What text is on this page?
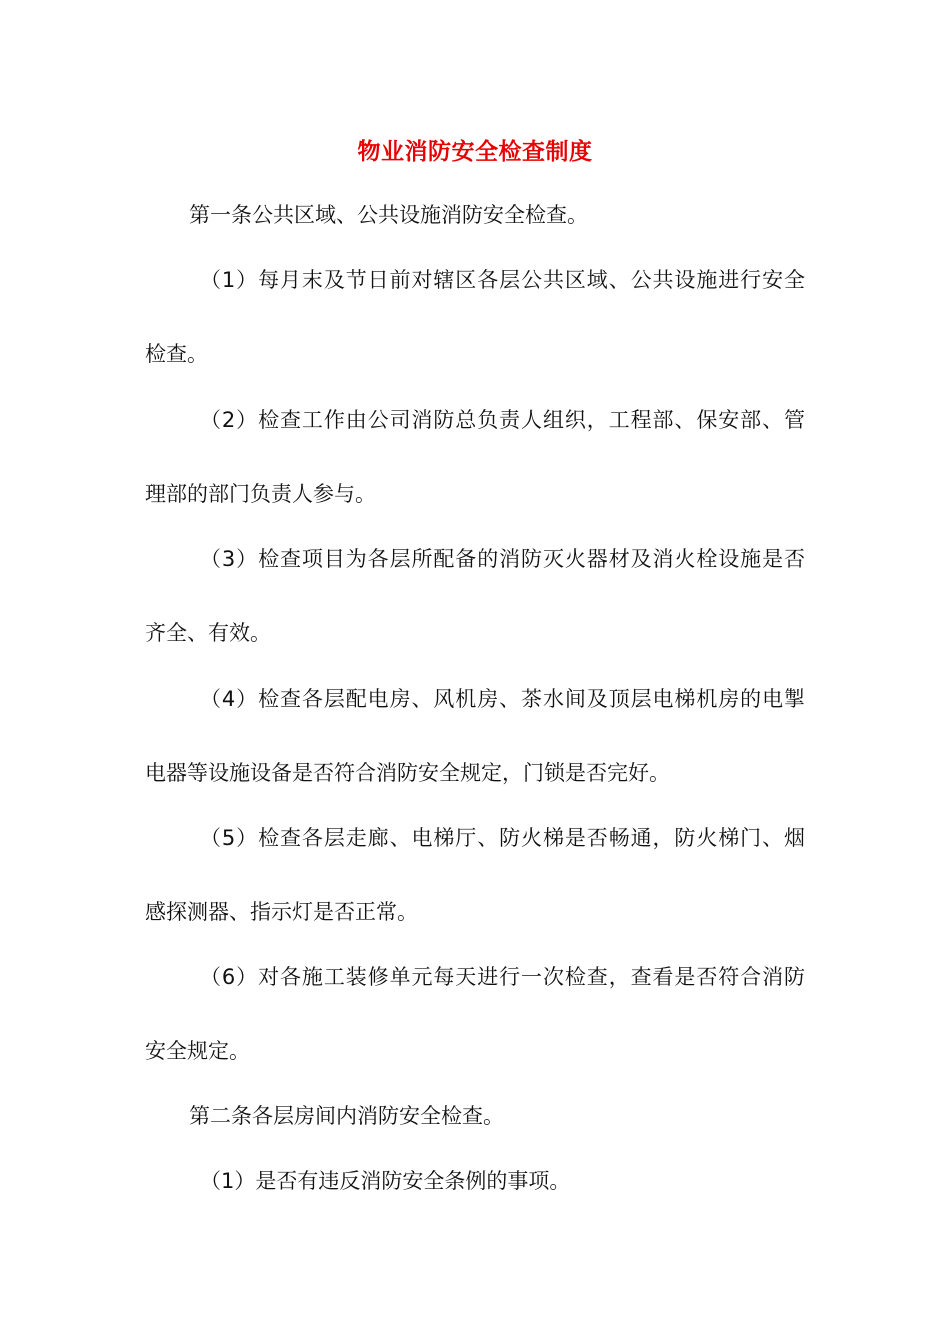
物业消防安全检查制度
第一条公共区域、公共设施消防安全检查。
（1）每月末及节日前对辖区各层公共区域、公共设施进行安全
检查。
（2）检查工作由公司消防总负责人组织，工程部、保安部、管
理部的部门负责人参与。
（3）检查项目为各层所配备的消防灭火器材及消火栓设施是否
齐全、有效。
（4）检查各层配电房、风机房、茶水间及顶层电梯机房的电掣
电器等设施设备是否符合消防安全规定，门锁是否完好。
（5）检查各层走廊、电梯厅、防火梯是否畅通，防火梯门、烟
感探测器、指示灯是否正常。
（6）对各施工装修单元每天进行一次检查，查看是否符合消防
安全规定。
第二条各层房间内消防安全检查。
（1）是否有违反消防安全条例的事项。
